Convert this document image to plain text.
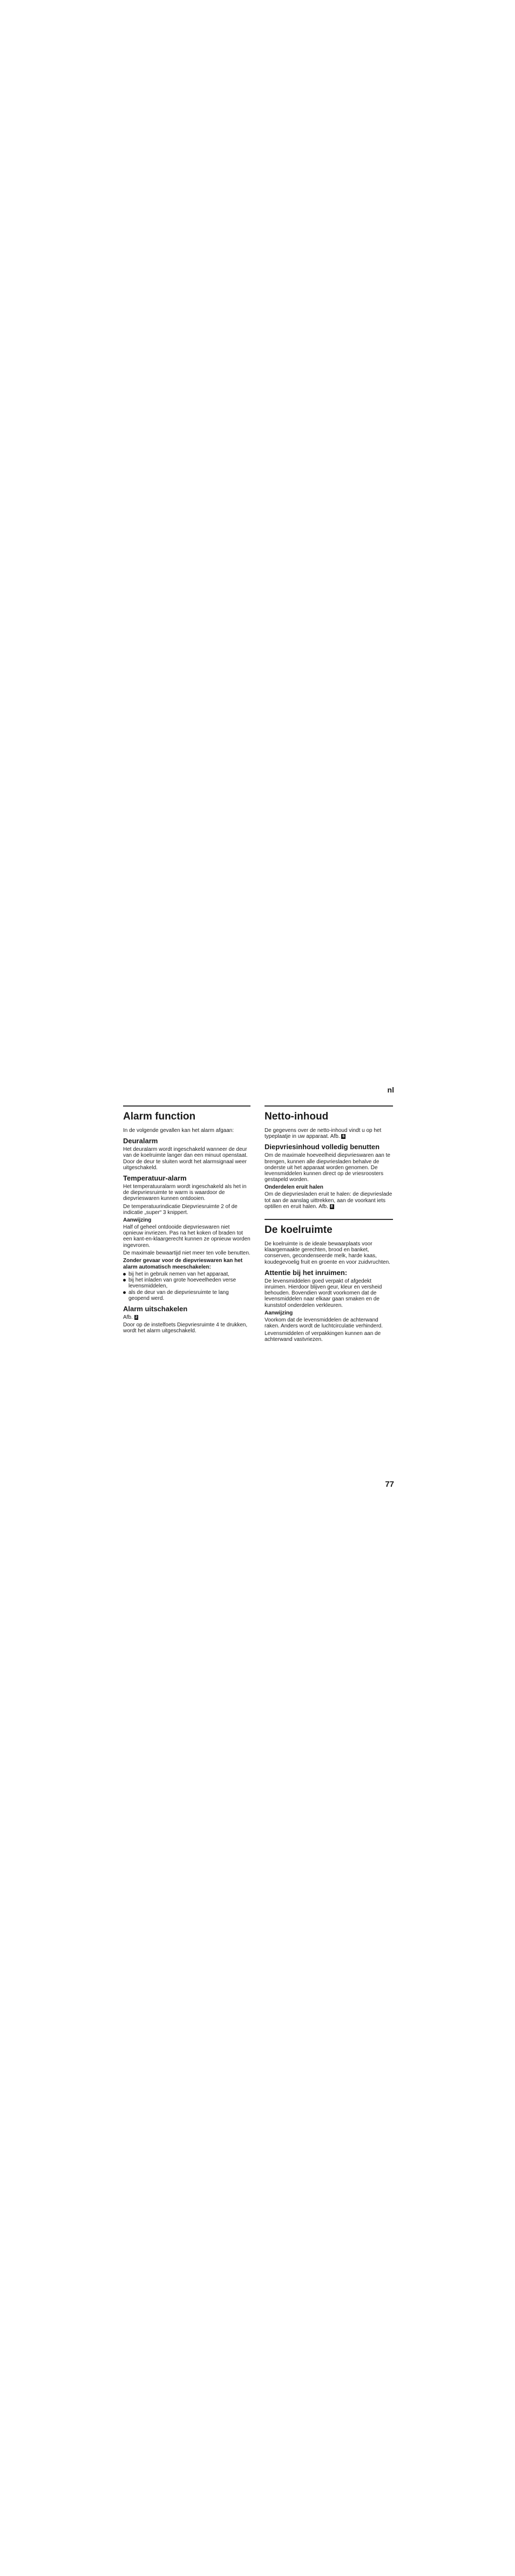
nl
Alarm function

In de volgende gevallen kan het alarm afgaan:

Deuralarm

Het deuralarm wordt ingeschakeld wanneer de deur van de koelruimte langer dan een minuut openstaat. Door de deur te sluiten wordt het alarmsignaal weer uitgeschakeld.

Temperatuur-alarm

Het temperatuuralarm wordt ingeschakeld als het in de diepvriesruimte te warm is waardoor de diepvrieswaren kunnen ontdooien.

De temperatuurindicatie Diepvriesruimte 2 of de indicatie „super“ 3 knippert.

Aanwijzing

Half of geheel ontdooide diepvrieswaren niet opnieuw invriezen. Pas na het koken of braden tot een kant-en-klaargerecht kunnen ze opnieuw worden ingevroren.

De maximale bewaartijd niet meer ten volle benutten.

Zonder gevaar voor de diepvrieswaren kan het alarm automatisch meeschakelen:
bij het in gebruik nemen van het apparaat,
bij het inladen van grote hoeveelheden verse levensmiddelen,
als de deur van de diepvriesruimte te lang geopend werd.
Alarm uitschakelen

Afb. 2

Door op de instelfoets Diepvriesruimte 4 te drukken, wordt het alarm uitgeschakeld.

Netto-inhoud

De gegevens over de netto-inhoud vindt u op het typeplaatje in uw apparaat. Afb. 6

Diepvriesinhoud volledig benutten

Om de maximale hoeveelheid diepvrieswaren aan te brengen, kunnen alle diepvriesladen behalve de onderste uit het apparaat worden genomen. De levensmiddelen kunnen direct op de vriesroosters gestapeld worden.

Onderdelen eruit halen

Om de diepvriesladen eruit te halen: de diepvrieslade tot aan de aanslag uittrekken, aan de voorkant iets optillen en eruit halen. Afb. 8

De koelruimte

De koelruimte is de ideale bewaarplaats voor klaargemaakte gerechten, brood en banket, conserven, gecondenseerde melk, harde kaas, koudegevoelig fruit en groente en voor zuidvruchten.

Attentie bij het inruimen:

De levensmiddelen goed verpakt of afgedekt inruimen. Hierdoor blijven geur, kleur en versheid behouden. Bovendien wordt voorkomen dat de levensmiddelen naar elkaar gaan smaken en de kunststof onderdelen verkleuren.

Aanwijzing

Voorkom dat de levensmiddelen de achterwand raken. Anders wordt de luchtcirculatie verhinderd.

Levensmiddelen of verpakkingen kunnen aan de achterwand vastvriezen.

77
